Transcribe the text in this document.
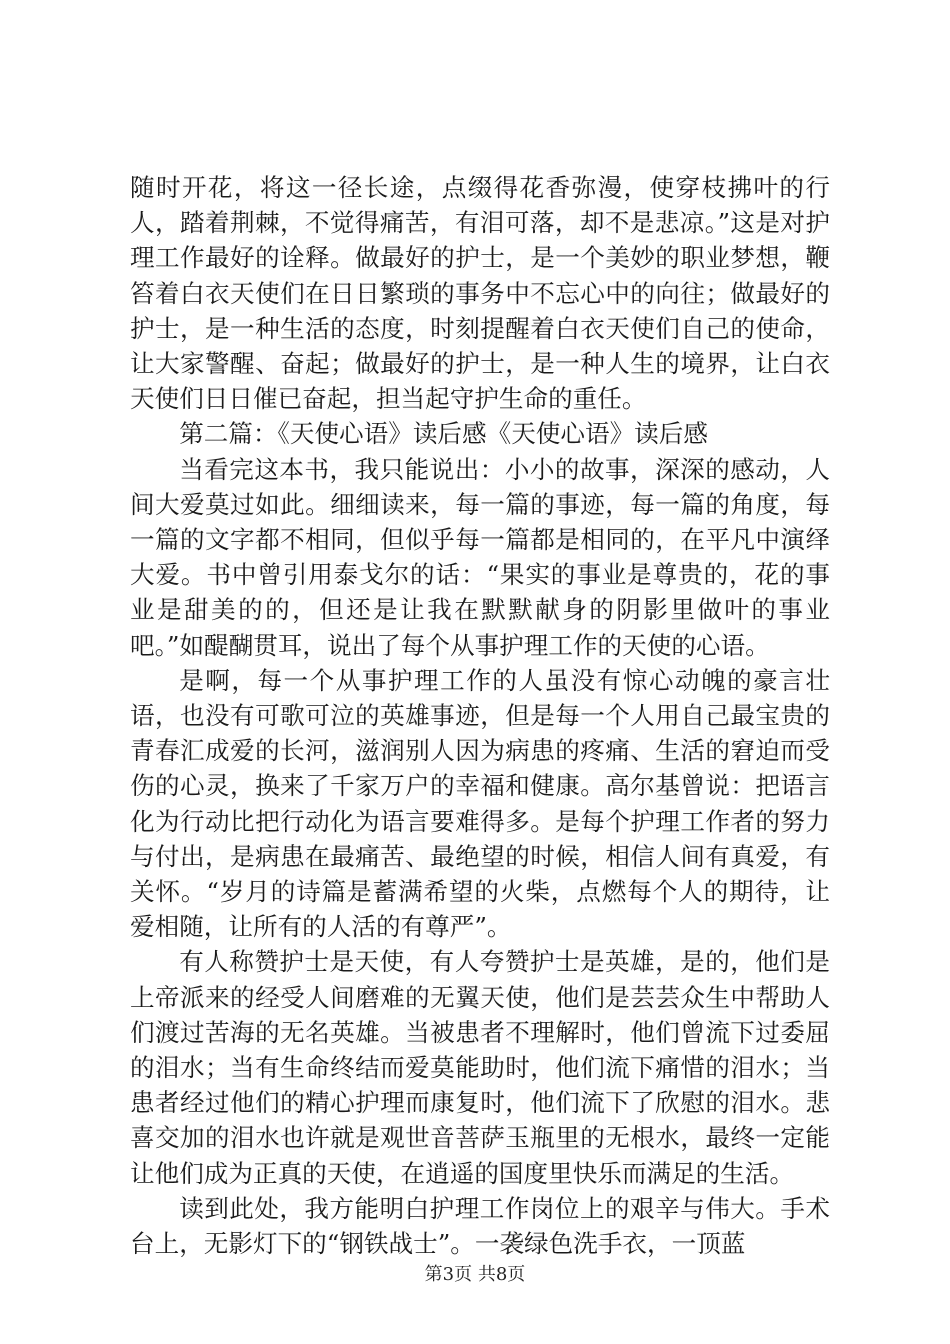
随时开花，将这一径长途，点缀得花香弥漫，使穿枝拂叶的行人，踏着荆棘，不觉得痛苦，有泪可落，却不是悲凉。”这是对护理工作最好的诠释。做最好的护士，是一个美妙的职业梦想，鞭笞着白衣天使们在日日繁琐的事务中不忘心中的向往；做最好的护士，是一种生活的态度，时刻提醒着白衣天使们自己的使命，让大家警醒、奋起；做最好的护士，是一种人生的境界，让白衣天使们日日催已奋起，担当起守护生命的重任。

第二篇：《天使心语》读后感《天使心语》读后感

当看完这本书，我只能说出：小小的故事，深深的感动，人间大爱莫过如此。细细读来，每一篇的事迹，每一篇的角度，每一篇的文字都不相同，但似乎每一篇都是相同的，在平凡中演绎大爱。书中曾引用泰戈尔的话：“果实的事业是尊贵的，花的事业是甜美的的，但还是让我在默默献身的阴影里做叶的事业吧。”如醍醐贯耳，说出了每个从事护理工作的天使的心语。

是啊，每一个从事护理工作的人虽没有惊心动魄的豪言壮语，也没有可歌可泣的英雄事迹，但是每一个人用自己最宝贵的青春汇成爱的长河，滋润别人因为病患的疼痛、生活的窘迫而受伤的心灵，换来了千家万户的幸福和健康。高尔基曾说：把语言化为行动比把行动化为语言要难得多。是每个护理工作者的努力与付出，是病患在最痛苦、最绝望的时候，相信人间有真爱，有关怀。“岁月的诗篇是蓄满希望的火柴，点燃每个人的期待，让爱相随，让所有的人活的有尊严”。

有人称赞护士是天使，有人夸赞护士是英雄，是的，他们是上帝派来的经受人间磨难的无翼天使，他们是芸芸众生中帮助人们渡过苦海的无名英雄。当被患者不理解时，他们曾流下过委屈的泪水；当有生命终结而爱莫能助时，他们流下痛惜的泪水；当患者经过他们的精心护理而康复时，他们流下了欣慰的泪水。悲喜交加的泪水也许就是观世音菩萨玉瓶里的无根水，最终一定能让他们成为正真的天使，在逍遥的国度里快乐而满足的生活。

读到此处，我方能明白护理工作岗位上的艰辛与伟大。手术台上，无影灯下的“钢铁战士”。一袭绿色洗手衣，一顶蓝

第3页 共8页
